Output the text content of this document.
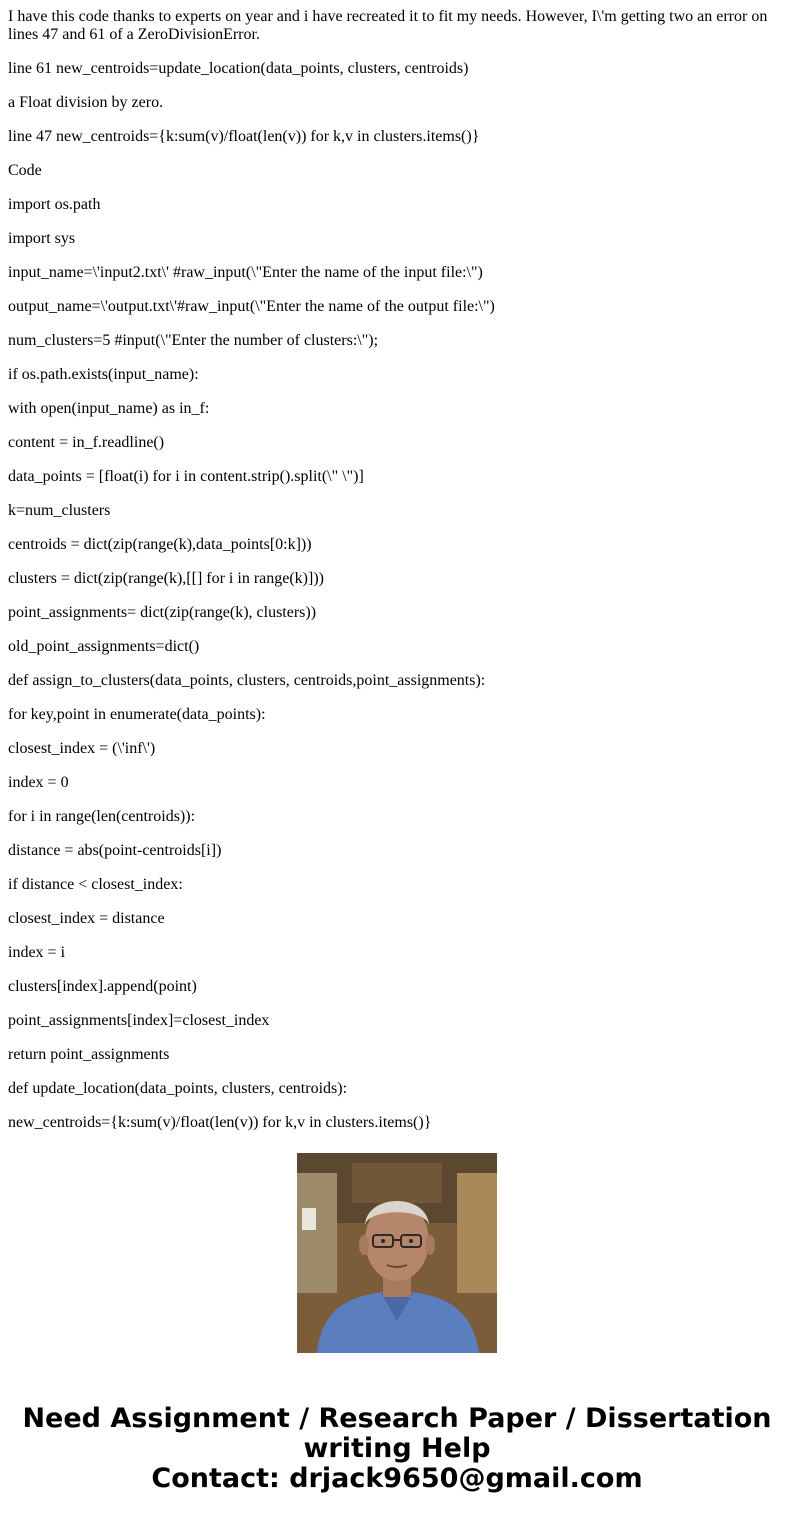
I have this code thanks to experts on year and i have recreated it to fit my needs. However, I\'m getting two an error on lines 47 and 61 of a ZeroDivisionError.

line 61 new_centroids=update_location(data_points, clusters, centroids)

a Float division by zero.

line 47 new_centroids={k:sum(v)/float(len(v)) for k,v in clusters.items()}

Code

import os.path

import sys

input_name=\'input2.txt\' #raw_input(\"Enter the name of the input file:\")

output_name=\'output.txt\'#raw_input(\"Enter the name of the output file:\")

num_clusters=5 #input(\"Enter the number of clusters:\");

if os.path.exists(input_name):

with open(input_name) as in_f:

content = in_f.readline()

data_points = [float(i) for i in content.strip().split(\" \")]

k=num_clusters

centroids = dict(zip(range(k),data_points[0:k]))

clusters = dict(zip(range(k),[[] for i in range(k)]))

point_assignments= dict(zip(range(k), clusters))

old_point_assignments=dict()

def assign_to_clusters(data_points, clusters, centroids,point_assignments):

for key,point in enumerate(data_points):

closest_index = (\'inf\')

index = 0

for i in range(len(centroids)):

distance = abs(point-centroids[i])

if distance < closest_index:

closest_index = distance

index = i

clusters[index].append(point)

point_assignments[index]=closest_index

return point_assignments

def update_location(data_points, clusters, centroids):

new_centroids={k:sum(v)/float(len(v)) for k,v in clusters.items()}

Need Assignment / Research Paper / Dissertation
writing Help
Contact: drjack9650@gmail.com
